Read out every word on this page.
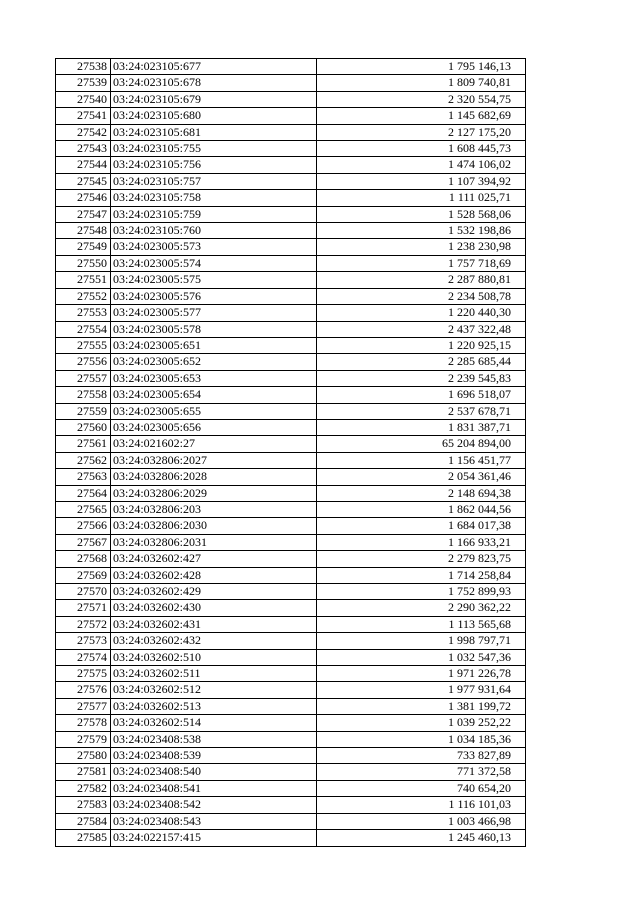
27538	03:24:023105:677	1 795 146,13
27539	03:24:023105:678	1 809 740,81
27540	03:24:023105:679	2 320 554,75
27541	03:24:023105:680	1 145 682,69
27542	03:24:023105:681	2 127 175,20
27543	03:24:023105:755	1 608 445,73
27544	03:24:023105:756	1 474 106,02
27545	03:24:023105:757	1 107 394,92
27546	03:24:023105:758	1 111 025,71
27547	03:24:023105:759	1 528 568,06
27548	03:24:023105:760	1 532 198,86
27549	03:24:023005:573	1 238 230,98
27550	03:24:023005:574	1 757 718,69
27551	03:24:023005:575	2 287 880,81
27552	03:24:023005:576	2 234 508,78
27553	03:24:023005:577	1 220 440,30
27554	03:24:023005:578	2 437 322,48
27555	03:24:023005:651	1 220 925,15
27556	03:24:023005:652	2 285 685,44
27557	03:24:023005:653	2 239 545,83
27558	03:24:023005:654	1 696 518,07
27559	03:24:023005:655	2 537 678,71
27560	03:24:023005:656	1 831 387,71
27561	03:24:021602:27	65 204 894,00
27562	03:24:032806:2027	1 156 451,77
27563	03:24:032806:2028	2 054 361,46
27564	03:24:032806:2029	2 148 694,38
27565	03:24:032806:203	1 862 044,56
27566	03:24:032806:2030	1 684 017,38
27567	03:24:032806:2031	1 166 933,21
27568	03:24:032602:427	2 279 823,75
27569	03:24:032602:428	1 714 258,84
27570	03:24:032602:429	1 752 899,93
27571	03:24:032602:430	2 290 362,22
27572	03:24:032602:431	1 113 565,68
27573	03:24:032602:432	1 998 797,71
27574	03:24:032602:510	1 032 547,36
27575	03:24:032602:511	1 971 226,78
27576	03:24:032602:512	1 977 931,64
27577	03:24:032602:513	1 381 199,72
27578	03:24:032602:514	1 039 252,22
27579	03:24:023408:538	1 034 185,36
27580	03:24:023408:539	733 827,89
27581	03:24:023408:540	771 372,58
27582	03:24:023408:541	740 654,20
27583	03:24:023408:542	1 116 101,03
27584	03:24:023408:543	1 003 466,98
27585	03:24:022157:415	1 245 460,13
